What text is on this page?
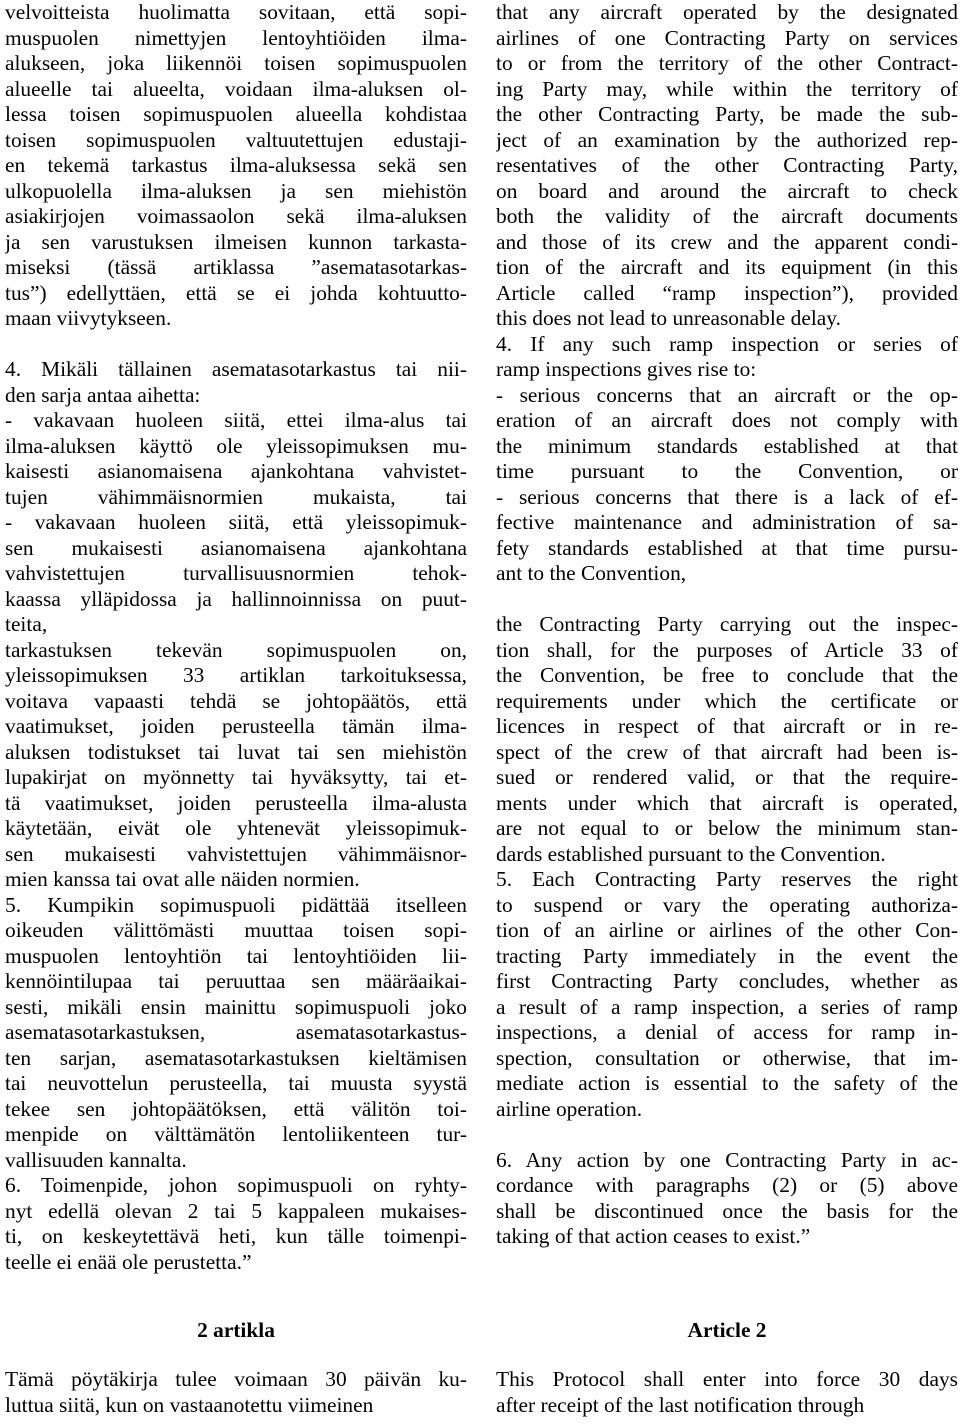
velvoitteista huolimatta sovitaan, että sopi-
muspuolen nimettyjen lentoyhtiöiden ilma-
alukseen, joka liikennöi toisen sopimuspuolen
alueelle tai alueelta, voidaan ilma-aluksen ol-
lessa toisen sopimuspuolen alueella kohdistaa
toisen sopimuspuolen valtuutettujen edustaji-
en tekemä tarkastus ilma-aluksessa sekä sen
ulkopuolella ilma-aluksen ja sen miehistön
asiakirjojen voimassaolon sekä ilma-aluksen
ja sen varustuksen ilmeisen kunnon tarkasta-
miseksi (tässä artiklassa ”asematasotarkas-
tus”) edellyttäen, että se ei johda kohtuutto-
maan viivytykseen.
4. Mikäli tällainen asematasotarkastus tai nii-
den sarja antaa aihetta:
- vakavaan huoleen siitä, ettei ilma-alus tai
ilma-aluksen käyttö ole yleissopimuksen mu-
kaisesti asianomaisena ajankohtana vahvistet-
tujen vähimmäisnormien mukaista, tai
- vakavaan huoleen siitä, että yleissopimuk-
sen mukaisesti asianomaisena ajankohtana
vahvistettujen turvallisuusnormien tehok-
kaassa ylläpidossa ja hallinnoinnissa on puut-
teita,
tarkastuksen tekevän sopimuspuolen on,
yleissopimuksen 33 artiklan tarkoituksessa,
voitava vapaasti tehdä se johtopäätös, että
vaatimukset, joiden perusteella tämän ilma-
aluksen todistukset tai luvat tai sen miehistön
lupakirjat on myönnetty tai hyväksytty, tai et-
tä vaatimukset, joiden perusteella ilma-alusta
käytetään, eivät ole yhtenevät yleissopimuk-
sen mukaisesti vahvistettujen vähimmäisnor-
mien kanssa tai ovat alle näiden normien.
5. Kumpikin sopimuspuoli pidättää itselleen
oikeuden välittömästi muuttaa toisen sopi-
muspuolen lentoyhtiön tai lentoyhtiöiden lii-
kennöintilupaa tai peruuttaa sen määräaikai-
sesti, mikäli ensin mainittu sopimuspuoli joko
asematasotarkastuksen, asematasotarkastus-
ten sarjan, asematasotarkastuksen kieltämisen
tai neuvottelun perusteella, tai muusta syystä
tekee sen johtopäätöksen, että välitön toi-
menpide on välttämätön lentoliikenteen tur-
vallisuuden kannalta.
6. Toimenpide, johon sopimuspuoli on ryhty-
nyt edellä olevan 2 tai 5 kappaleen mukaises-
ti, on keskeytettävä heti, kun tälle toimenpi-
teelle ei enää ole perustetta.”
that any aircraft operated by the designated
airlines of one Contracting Party on services
to or from the territory of the other Contract-
ing Party may, while within the territory of
the other Contracting Party, be made the sub-
ject of an examination by the authorized rep-
resentatives of the other Contracting Party,
on board and around the aircraft to check
both the validity of the aircraft documents
and those of its crew and the apparent condi-
tion of the aircraft and its equipment (in this
Article called “ramp inspection”), provided
this does not lead to unreasonable delay.
4. If any such ramp inspection or series of
ramp inspections gives rise to:
- serious concerns that an aircraft or the op-
eration of an aircraft does not comply with
the minimum standards established at that
time pursuant to the Convention, or
- serious concerns that there is a lack of ef-
fective maintenance and administration of sa-
fety standards established at that time pursu-
ant to the Convention,
the Contracting Party carrying out the inspec-
tion shall, for the purposes of Article 33 of
the Convention, be free to conclude that the
requirements under which the certificate or
licences in respect of that aircraft or in re-
spect of the crew of that aircraft had been is-
sued or rendered valid, or that the require-
ments under which that aircraft is operated,
are not equal to or below the minimum stan-
dards established pursuant to the Convention.
5. Each Contracting Party reserves the right
to suspend or vary the operating authoriza-
tion of an airline or airlines of the other Con-
tracting Party immediately in the event the
first Contracting Party concludes, whether as
a result of a ramp inspection, a series of ramp
inspections, a denial of access for ramp in-
spection, consultation or otherwise, that im-
mediate action is essential to the safety of the
airline operation.
6. Any action by one Contracting Party in ac-
cordance with paragraphs (2) or (5) above
shall be discontinued once the basis for the
taking of that action ceases to exist.”
2 artikla	Article 2
Tämä pöytäkirja tulee voimaan 30 päivän ku-
luttua siitä, kun on vastaanotettu viimeinen
This Protocol shall enter into force 30 days
after receipt of the last notification through
